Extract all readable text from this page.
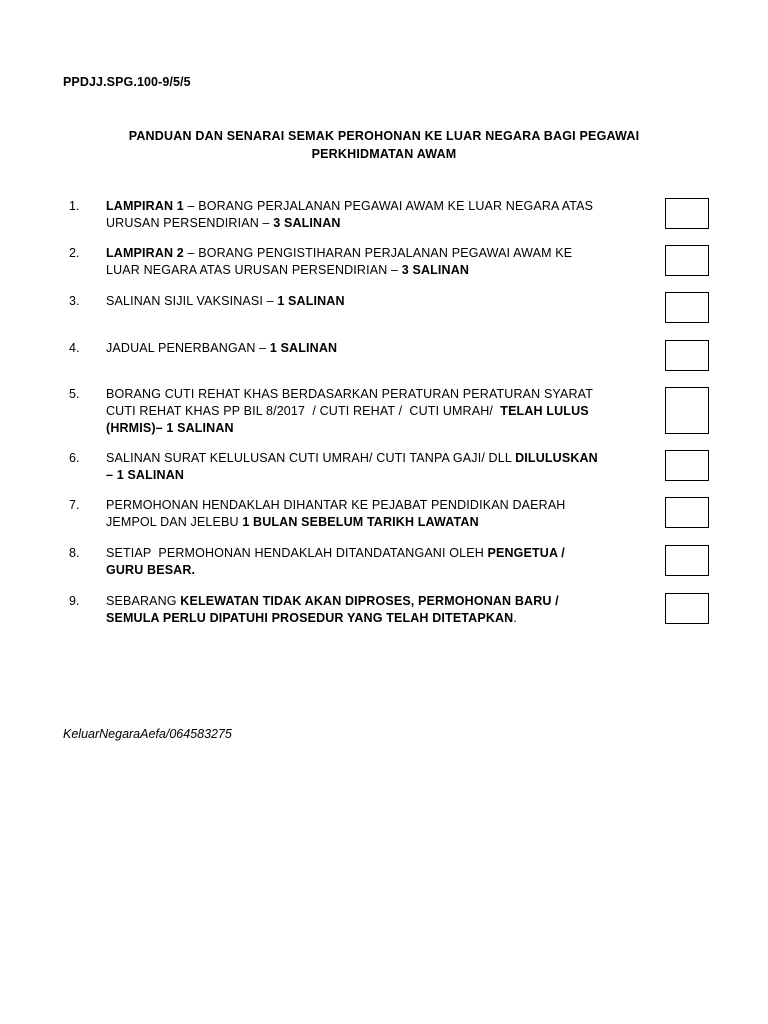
PPDJJ.SPG.100-9/5/5
PANDUAN DAN SENARAI SEMAK PEROHONAN KE LUAR NEGARA BAGI PEGAWAI PERKHIDMATAN AWAM
1. LAMPIRAN 1 – BORANG PERJALANAN PEGAWAI AWAM KE LUAR NEGARA ATAS
URUSAN PERSENDIRIAN – 3 SALINAN
2. LAMPIRAN 2 – BORANG PENGISTIHARAN PERJALANAN PEGAWAI AWAM KE
LUAR NEGARA ATAS URUSAN PERSENDIRIAN – 3 SALINAN
3. SALINAN SIJIL VAKSINASI – 1 SALINAN
4. JADUAL PENERBANGAN – 1 SALINAN
5. BORANG CUTI REHAT KHAS BERDASARKAN PERATURAN PERATURAN SYARAT
CUTI REHAT KHAS PP BIL 8/2017  / CUTI REHAT /  CUTI UMRAH/  TELAH LULUS
(HRMIS)– 1 SALINAN
6. SALINAN SURAT KELULUSAN CUTI UMRAH/ CUTI TANPA GAJI/ DLL DILULUSKAN
– 1 SALINAN
7. PERMOHONAN HENDAKLAH DIHANTAR KE PEJABAT PENDIDIKAN DAERAH
JEMPOL DAN JELEBU 1 BULAN SEBELUM TARIKH LAWATAN
8. SETIAP  PERMOHONAN HENDAKLAH DITANDATANGANI OLEH PENGETUA /
GURU BESAR.
9. SEBARANG KELEWATAN TIDAK AKAN DIPROSES, PERMOHONAN BARU /
SEMULA PERLU DIPATUHI PROSEDUR YANG TELAH DITETAPKAN.
KeluarNegaraAefa/064583275
